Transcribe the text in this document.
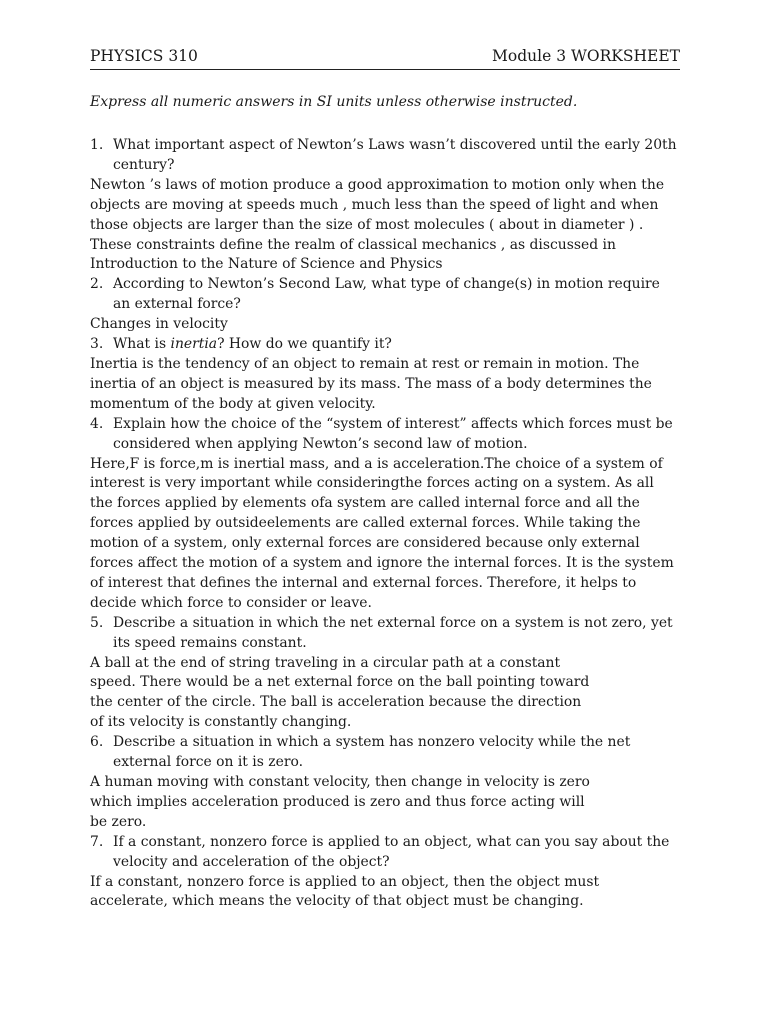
PHYSICS 310	Module 3 WORKSHEET
Express all numeric answers in SI units unless otherwise instructed.
1. What important aspect of Newton’s Laws wasn’t discovered until the early 20th century?

Newton ’s laws of motion produce a good approximation to motion only when the objects are moving at speeds much , much less than the speed of light and when those objects are larger than the size of most molecules ( about in diameter ) . These constraints define the realm of classical mechanics , as discussed in Introduction to the Nature of Science and Physics

2. According to Newton’s Second Law, what type of change(s) in motion require an external force?

Changes in velocity

3. What is inertia? How do we quantify it?

Inertia is the tendency of an object to remain at rest or remain in motion. The inertia of an object is measured by its mass. The mass of a body determines the momentum of the body at given velocity.

4. Explain how the choice of the “system of interest” affects which forces must be considered when applying Newton’s second law of motion.

Here,F is force,m is inertial mass, and a is acceleration.The choice of a system of interest is very important while consideringthe forces acting on a system. As all the forces applied by elements ofa system are called internal force and all the forces applied by outsideelements are called external forces. While taking the motion of a system, only external forces are considered because only external forces affect the motion of a system and ignore the internal forces. It is the system of interest that defines the internal and external forces. Therefore, it helps to decide which force to consider or leave.

5. Describe a situation in which the net external force on a system is not zero, yet its speed remains constant.

A ball at the end of string traveling in a circular path at a constant
speed. There would be a net external force on the ball pointing toward
the center of the circle. The ball is acceleration because the direction
of its velocity is constantly changing.

6. Describe a situation in which a system has nonzero velocity while the net external force on it is zero.

A human moving with constant velocity, then change in velocity is zero
which implies acceleration produced is zero and thus force acting will
be zero.

7. If a constant, nonzero force is applied to an object, what can you say about the velocity and acceleration of the object?

If a constant, nonzero force is applied to an object, then the object must accelerate, which means the velocity of that object must be changing.
